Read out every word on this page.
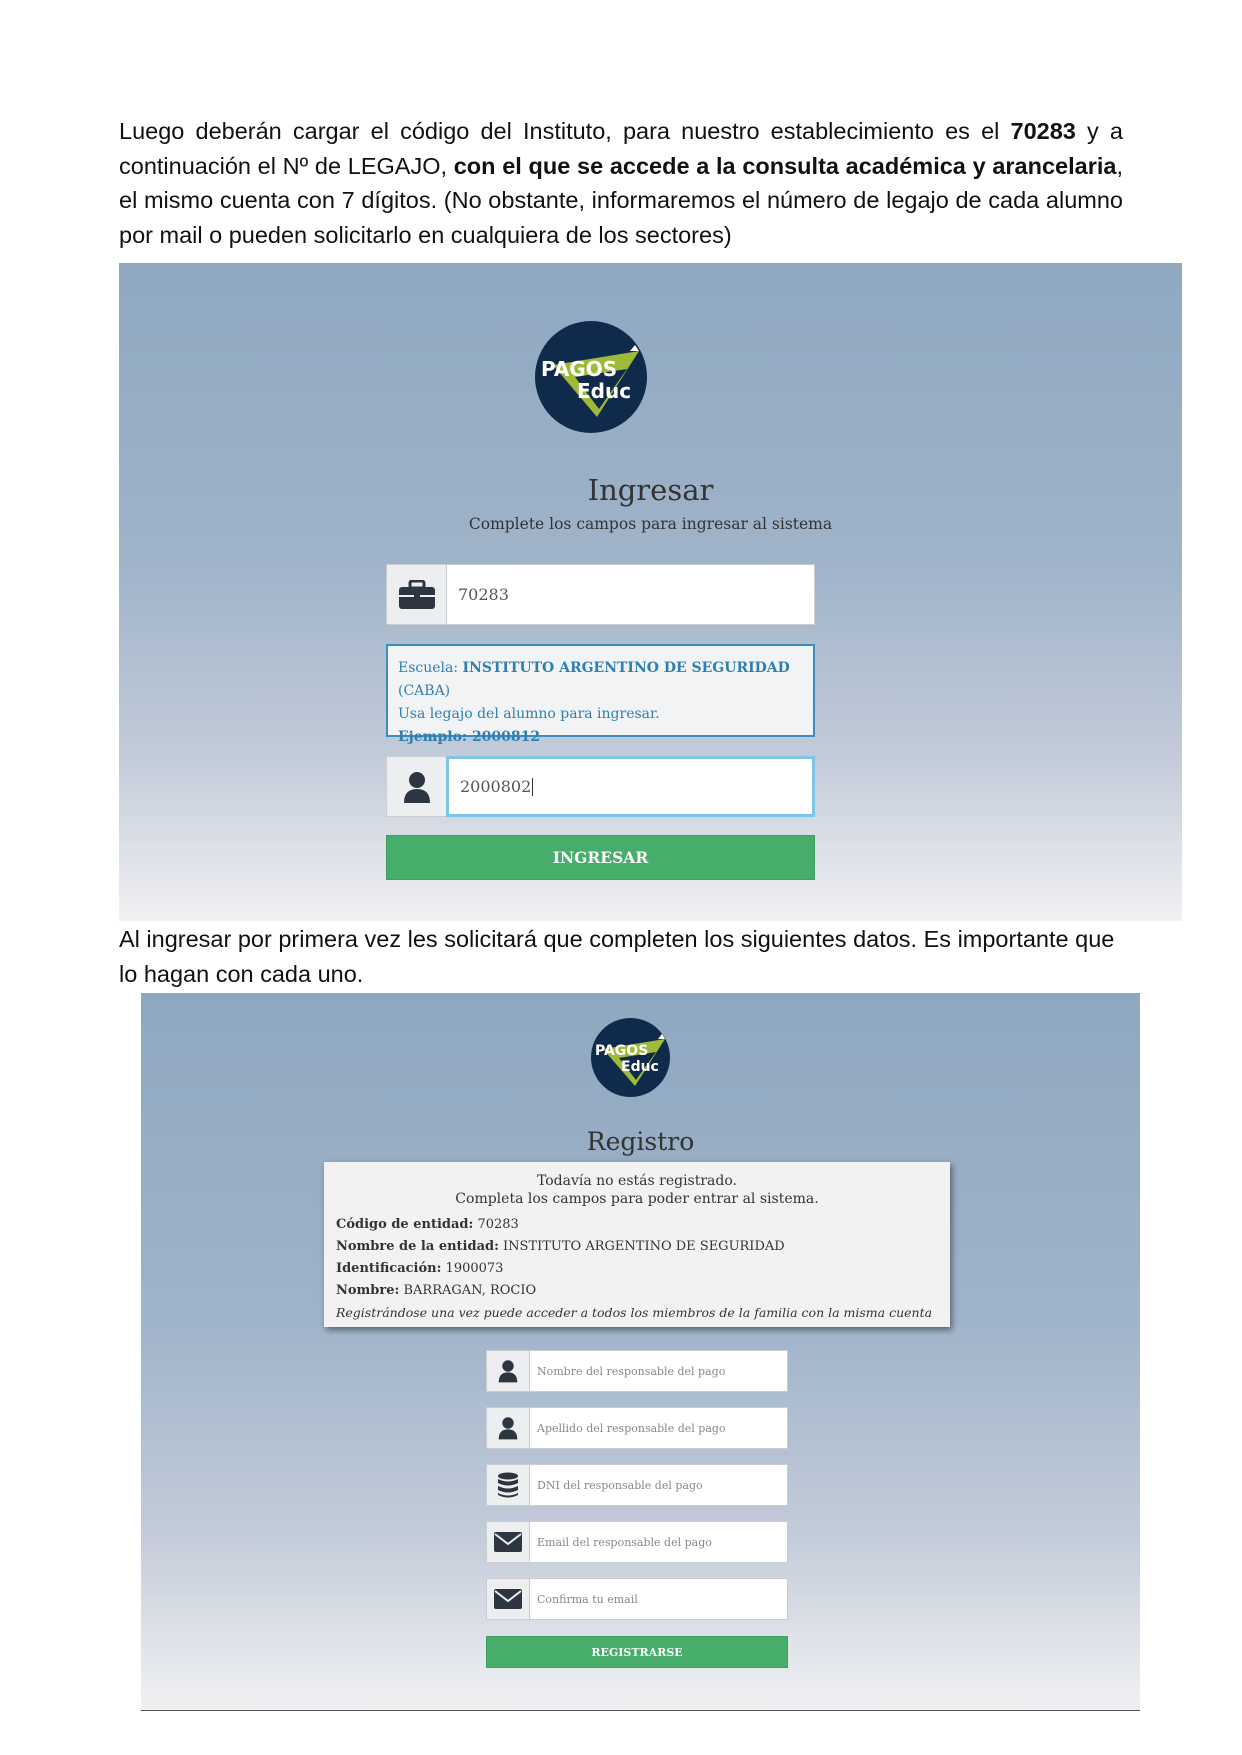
Luego deberán cargar el código del Instituto, para nuestro establecimiento es el 70283 y a continuación el Nº de LEGAJO, con el que se accede a la consulta académica y arancelaria, el mismo cuenta con 7 dígitos. (No obstante, informaremos el número de legajo de cada alumno por mail o pueden solicitarlo en cualquiera de los sectores)
PAGOS
Educ
Ingresar
Complete los campos para ingresar al sistema
70283
Escuela: INSTITUTO ARGENTINO DE SEGURIDAD (CABA)
Usa legajo del alumno para ingresar.
Ejemplo: 2000812
2000802
INGRESAR
Al ingresar por primera vez les solicitará que completen los siguientes datos. Es importante que lo hagan con cada uno.
PAGOS
Educ
Registro
Todavía no estás registrado.
Completa los campos para poder entrar al sistema.
Código de entidad: 70283
Nombre de la entidad: INSTITUTO ARGENTINO DE SEGURIDAD
Identificación: 1900073
Nombre: BARRAGAN, ROCIO
Registrándose una vez puede acceder a todos los miembros de la familia con la misma cuenta
Nombre del responsable del pago
Apellido del responsable del pago
DNI del responsable del pago
Email del responsable del pago
Confirma tu email
REGISTRARSE
